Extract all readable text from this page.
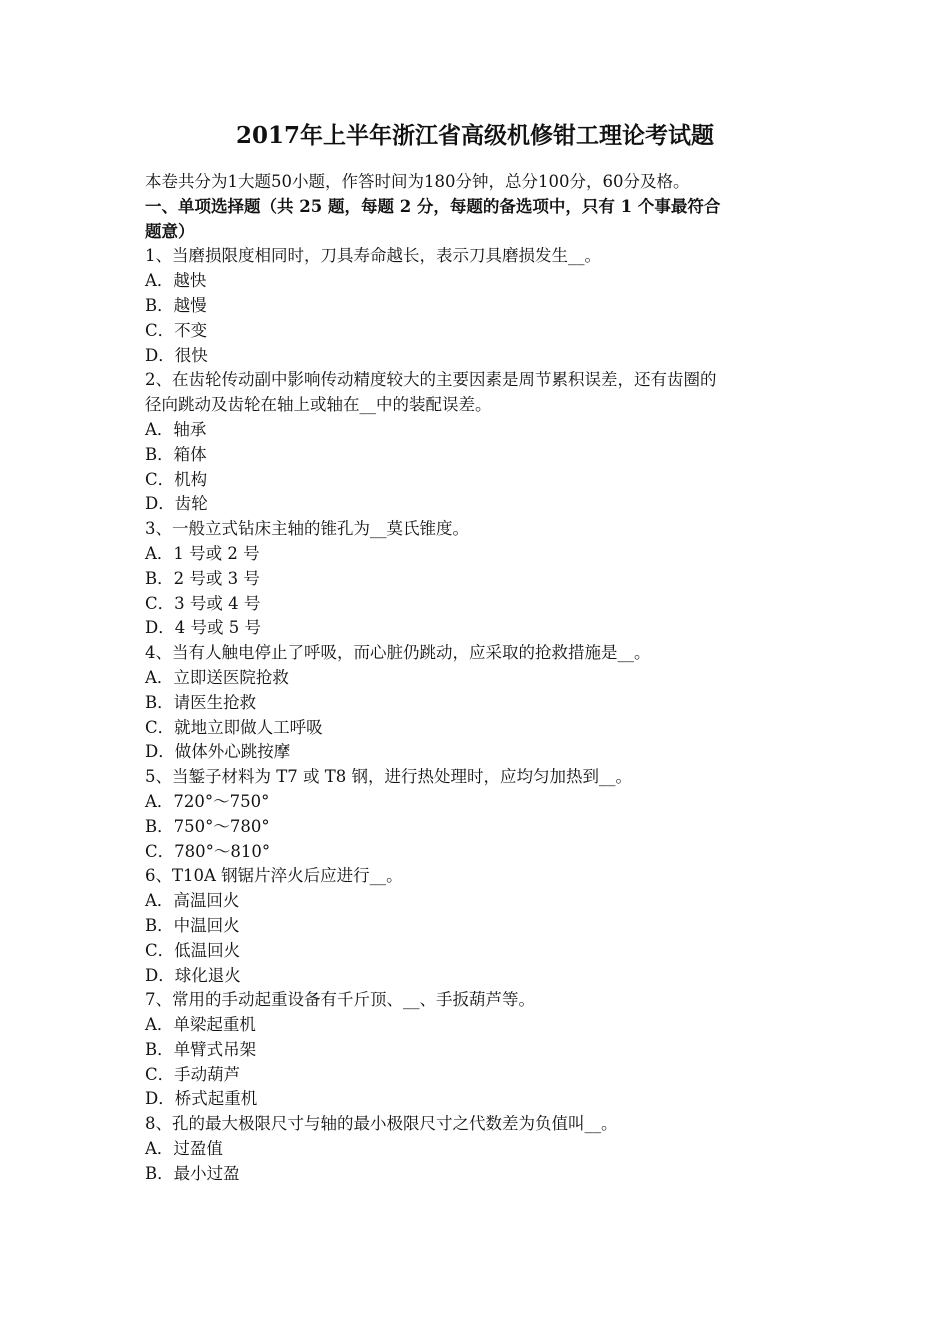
2017年上半年浙江省高级机修钳工理论考试题
本卷共分为1大题50小题，作答时间为180分钟，总分100分，60分及格。
一、单项选择题（共 25 题，每题 2 分，每题的备选项中，只有 1 个事最符合
题意）
1、当磨损限度相同时，刀具寿命越长，表示刀具磨损发生__。
A．越快
B．越慢
C．不变
D．很快
2、在齿轮传动副中影响传动精度较大的主要因素是周节累积误差，还有齿圈的
径向跳动及齿轮在轴上或轴在__中的装配误差。
A．轴承
B．箱体
C．机构
D．齿轮
3、一般立式钻床主轴的锥孔为__莫氏锥度。
A．1 号或 2 号
B．2 号或 3 号
C．3 号或 4 号
D．4 号或 5 号
4、当有人触电停止了呼吸，而心脏仍跳动，应采取的抢救措施是__。
A．立即送医院抢救
B．请医生抢救
C．就地立即做人工呼吸
D．做体外心跳按摩
5、当錾子材料为 T7 或 T8 钢，进行热处理时，应均匀加热到__。
A．720°～750°
B．750°～780°
C．780°～810°
6、T10A 钢锯片淬火后应进行__。
A．高温回火
B．中温回火
C．低温回火
D．球化退火
7、常用的手动起重设备有千斤顶、__、手扳葫芦等。
A．单梁起重机
B．单臂式吊架
C．手动葫芦
D．桥式起重机
8、孔的最大极限尺寸与轴的最小极限尺寸之代数差为负值叫__。
A．过盈值
B．最小过盈
